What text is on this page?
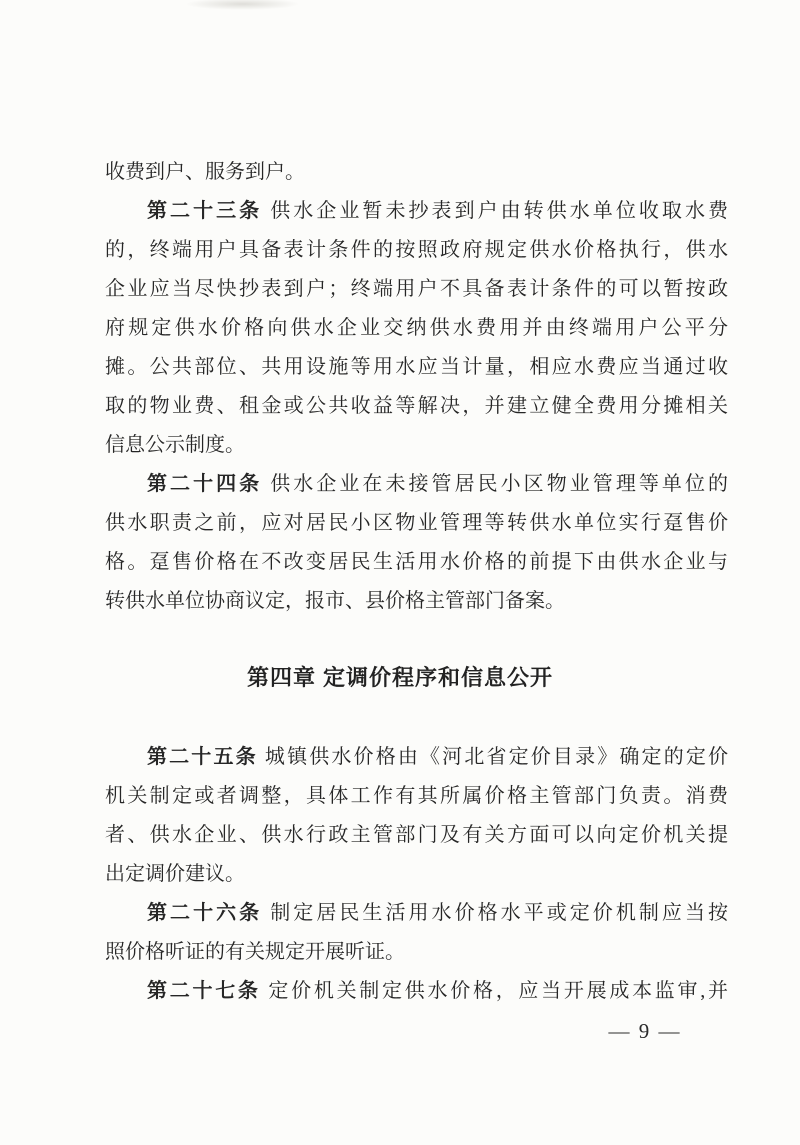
收费到户、服务到户。
第二十三条 供水企业暂未抄表到户由转供水单位收取水费
的，终端用户具备表计条件的按照政府规定供水价格执行，供水
企业应当尽快抄表到户；终端用户不具备表计条件的可以暂按政
府规定供水价格向供水企业交纳供水费用并由终端用户公平分
摊。公共部位、共用设施等用水应当计量，相应水费应当通过收
取的物业费、租金或公共收益等解决，并建立健全费用分摊相关
信息公示制度。
第二十四条 供水企业在未接管居民小区物业管理等单位的
供水职责之前，应对居民小区物业管理等转供水单位实行趸售价
格。趸售价格在不改变居民生活用水价格的前提下由供水企业与
转供水单位协商议定，报市、县价格主管部门备案。
第四章 定调价程序和信息公开
第二十五条 城镇供水价格由《河北省定价目录》确定的定价
机关制定或者调整，具体工作有其所属价格主管部门负责。消费
者、供水企业、供水行政主管部门及有关方面可以向定价机关提
出定调价建议。
第二十六条 制定居民生活用水价格水平或定价机制应当按
照价格听证的有关规定开展听证。
第二十七条 定价机关制定供水价格，应当开展成本监审,并
— 9 —
